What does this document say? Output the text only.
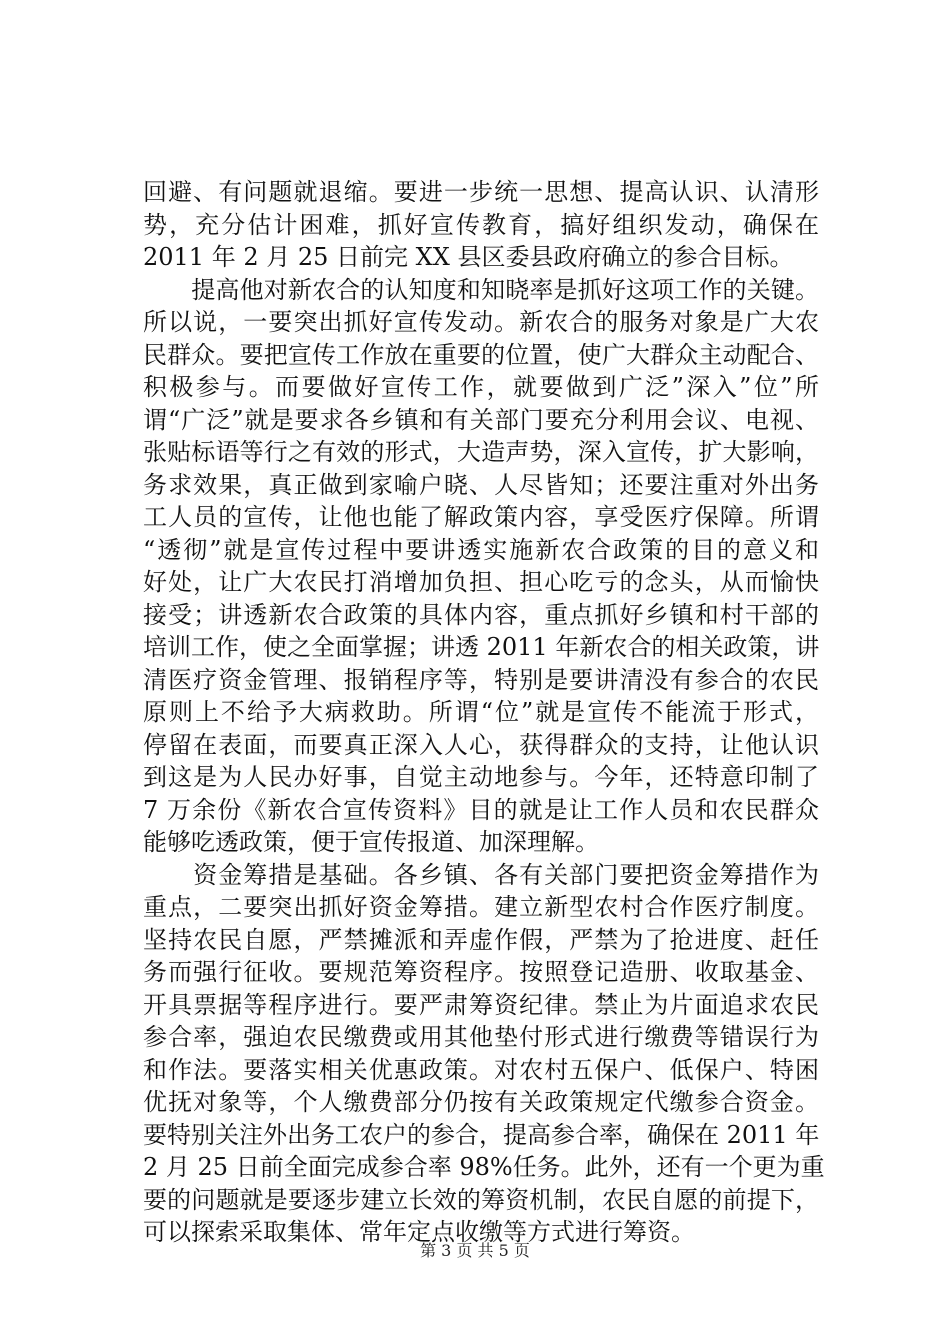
回避、有问题就退缩。要进一步统一思想、提高认识、认清形
势，充分估计困难，抓好宣传教育，搞好组织发动，确保在
2011 年 2 月 25 日前完 XX 县区委县政府确立的参合目标。
　　提高他对新农合的认知度和知晓率是抓好这项工作的关键。
所以说，一要突出抓好宣传发动。新农合的服务对象是广大农
民群众。要把宣传工作放在重要的位置，使广大群众主动配合、
积极参与。而要做好宣传工作，就要做到广泛”深入”位”所
谓“广泛”就是要求各乡镇和有关部门要充分利用会议、电视、
张贴标语等行之有效的形式，大造声势，深入宣传，扩大影响，
务求效果，真正做到家喻户晓、人尽皆知；还要注重对外出务
工人员的宣传，让他也能了解政策内容，享受医疗保障。所谓
“透彻”就是宣传过程中要讲透实施新农合政策的目的意义和
好处，让广大农民打消增加负担、担心吃亏的念头，从而愉快
接受；讲透新农合政策的具体内容，重点抓好乡镇和村干部的
培训工作，使之全面掌握；讲透 2011 年新农合的相关政策，讲
清医疗资金管理、报销程序等，特别是要讲清没有参合的农民
原则上不给予大病救助。所谓“位”就是宣传不能流于形式，
停留在表面，而要真正深入人心，获得群众的支持，让他认识
到这是为人民办好事，自觉主动地参与。今年，还特意印制了
7 万余份《新农合宣传资料》目的就是让工作人员和农民群众
能够吃透政策，便于宣传报道、加深理解。
　　资金筹措是基础。各乡镇、各有关部门要把资金筹措作为
重点，二要突出抓好资金筹措。建立新型农村合作医疗制度。
坚持农民自愿，严禁摊派和弄虚作假，严禁为了抢进度、赶任
务而强行征收。要规范筹资程序。按照登记造册、收取基金、
开具票据等程序进行。要严肃筹资纪律。禁止为片面追求农民
参合率，强迫农民缴费或用其他垫付形式进行缴费等错误行为
和作法。要落实相关优惠政策。对农村五保户、低保户、特困
优抚对象等，个人缴费部分仍按有关政策规定代缴参合资金。
要特别关注外出务工农户的参合，提高参合率，确保在 2011 年
2 月 25 日前全面完成参合率 98%任务。此外，还有一个更为重
要的问题就是要逐步建立长效的筹资机制，农民自愿的前提下，
可以探索采取集体、常年定点收缴等方式进行筹资。
第 3 页 共 5 页
